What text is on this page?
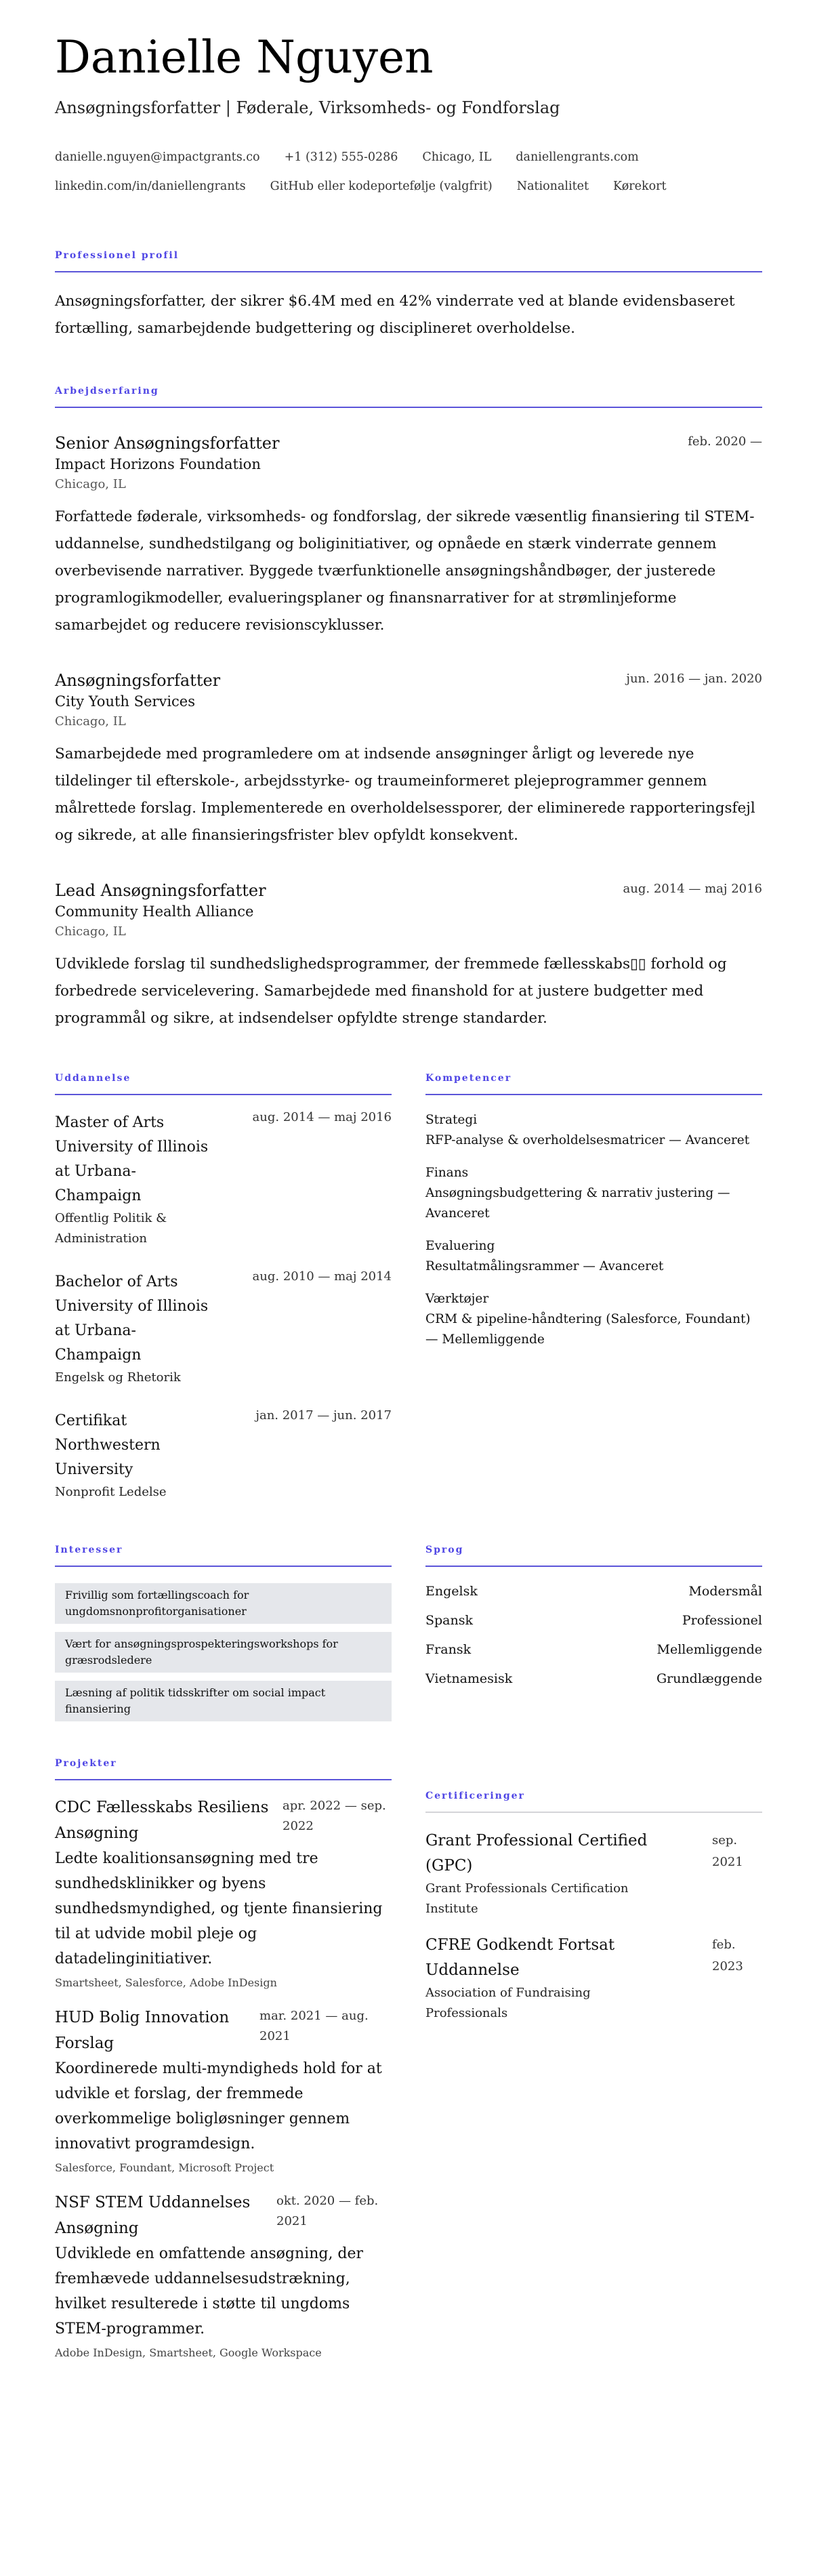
Danielle Nguyen
Ansøgningsforfatter | Føderale, Virksomheds- og Fondforslag
danielle.nguyen@impactgrants.co +1 (312) 555-0286 Chicago, IL daniellengrants.com
linkedin.com/in/daniellengrants GitHub eller kodeportefølje (valgfrit) Nationalitet Kørekort
Professionel profil

Ansøgningsforfatter, der sikrer $6.4M med en 42% vinderrate ved at blande evidensbaseret fortælling, samarbejdende budgettering og disciplineret overholdelse.

Arbejdserfaring
Senior Ansøgningsforfatter	feb. 2020 —
Impact Horizons Foundation
Chicago, IL

Forfattede føderale, virksomheds- og fondforslag, der sikrede væsentlig finansiering til STEM-uddannelse, sundhedstilgang og boliginitiativer, og opnåede en stærk vinderrate gennem overbevisende narrativer. Byggede tværfunktionelle ansøgningshåndbøger, der justerede programlogikmodeller, evalueringsplaner og finansnarrativer for at strømlinjeforme samarbejdet og reducere revisionscyklusser.

Ansøgningsforfatter	jun. 2016 — jan. 2020
City Youth Services
Chicago, IL

Samarbejdede med programledere om at indsende ansøgninger årligt og leverede nye tildelinger til efterskole-, arbejdsstyrke- og traumeinformeret plejeprogrammer gennem målrettede forslag. Implementerede en overholdelsessporer, der eliminerede rapporteringsfejl og sikrede, at alle finansieringsfrister blev opfyldt konsekvent.

Lead Ansøgningsforfatter	aug. 2014 — maj 2016
Community Health Alliance
Chicago, IL

Udviklede forslag til sundhedslighedsprogrammer, der fremmede fællesskabs▯▯ forhold og forbedrede servicelevering. Samarbejdede med finanshold for at justere budgetter med programmål og sikre, at indsendelser opfyldte strenge standarder.

Uddannelse
Master of Arts
University of Illinois at Urbana-Champaign
aug. 2014 — maj 2016
Offentlig Politik & Administration
Bachelor of Arts
University of Illinois at Urbana-Champaign
aug. 2010 — maj 2014
Engelsk og Rhetorik
Certifikat
Northwestern University
jan. 2017 — jun. 2017
Nonprofit Ledelse
Kompetencer
Strategi
RFP-analyse & overholdelsesmatricer — Avanceret
Finans
Ansøgningsbudgettering & narrativ justering — Avanceret
Evaluering
Resultatmålingsrammer — Avanceret
Værktøjer
CRM & pipeline-håndtering (Salesforce, Foundant) — Mellemliggende
Interesser
Frivillig som fortællingscoach for ungdomsnonprofitorganisationer
Vært for ansøgningsprospekteringsworkshops for græsrodsledere
Læsning af politik tidsskrifter om social impact finansiering
Sprog
Engelsk	Modersmål
Spansk	Professionel
Fransk	Mellemliggende
Vietnamesisk	Grundlæggende
Projekter
CDC Fællesskabs Resiliens Ansøgning
apr. 2022 — sep. 2022

Ledte koalitionsansøgning med tre sundhedsklinikker og byens sundhedsmyndighed, og tjente finansiering til at udvide mobil pleje og datadelinginitiativer.

Smartsheet, Salesforce, Adobe InDesign
HUD Bolig Innovation Forslag
mar. 2021 — aug. 2021

Koordinerede multi-myndigheds hold for at udvikle et forslag, der fremmede overkommelige boligløsninger gennem innovativt programdesign.

Salesforce, Foundant, Microsoft Project
NSF STEM Uddannelses Ansøgning
okt. 2020 — feb. 2021

Udviklede en omfattende ansøgning, der fremhævede uddannelsesudstrækning, hvilket resulterede i støtte til ungdoms STEM-programmer.

Adobe InDesign, Smartsheet, Google Workspace
Certificeringer
Grant Professional Certified (GPC)
Grant Professionals Certification Institute
sep. 2021
CFRE Godkendt Fortsat Uddannelse
Association of Fundraising Professionals
feb. 2023
